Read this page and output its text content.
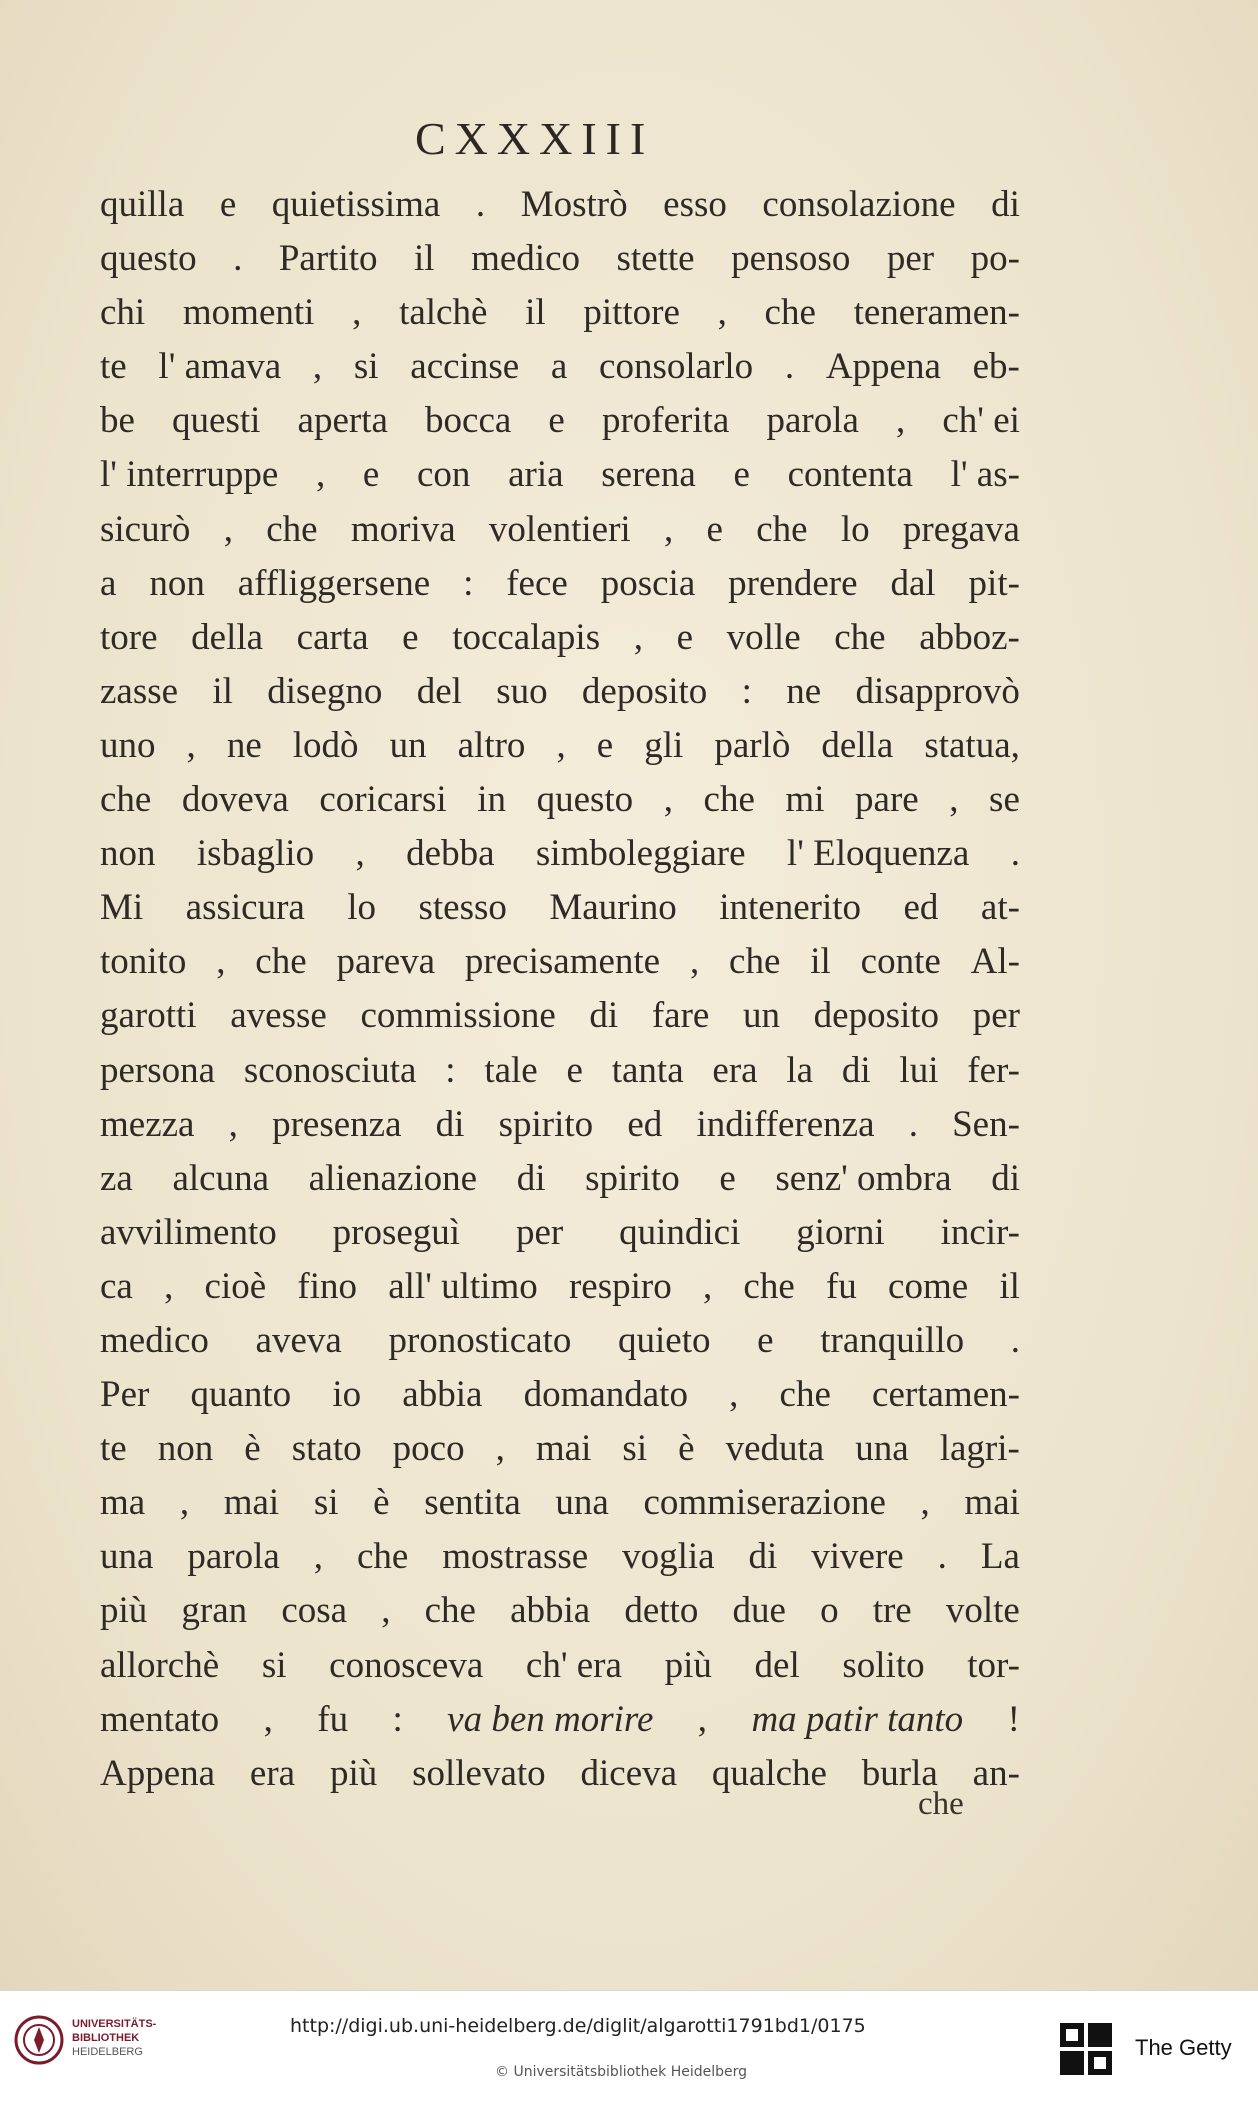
CXXXIII
quilla e quietissima . Mostrò esso consolazione di
questo . Partito il medico stette pensoso per po-
chi momenti , talchè il pittore , che teneramen-
te l' amava , si accinse a consolarlo . Appena eb-
be questi aperta bocca e proferita parola , ch' ei
l' interruppe , e con aria serena e contenta l' as-
sicurò , che moriva volentieri , e che lo pregava
a non affliggersene : fece poscia prendere dal pit-
tore della carta e toccalapis , e volle che abboz-
zasse il disegno del suo deposito : ne disapprovò
uno , ne lodò un altro , e gli parlò della statua,
che doveva coricarsi in questo , che mi pare , se
non isbaglio , debba simboleggiare l' Eloquenza .
Mi assicura lo stesso Maurino intenerito ed at-
tonito , che pareva precisamente , che il conte Al-
garotti avesse commissione di fare un deposito per
persona sconosciuta : tale e tanta era la di lui fer-
mezza , presenza di spirito ed indifferenza . Sen-
za alcuna alienazione di spirito e senz' ombra di
avvilimento proseguì per quindici giorni incir-
ca , cioè fino all' ultimo respiro , che fu come il
medico aveva pronosticato quieto e tranquillo .
Per quanto io abbia domandato , che certamen-
te non è stato poco , mai si è veduta una lagri-
ma , mai si è sentita una commiserazione , mai
una parola , che mostrasse voglia di vivere . La
più gran cosa , che abbia detto due o tre volte
allorchè si conosceva ch' era più del solito tor-
mentato , fu : va ben morire , ma patir tanto !
Appena era più sollevato diceva qualche burla an-
che
UNIVERSITÄTS-
BIBLIOTHEK
HEIDELBERG
http://digi.ub.uni-heidelberg.de/diglit/algarotti1791bd1/0175
© Universitätsbibliothek Heidelberg
The Getty
